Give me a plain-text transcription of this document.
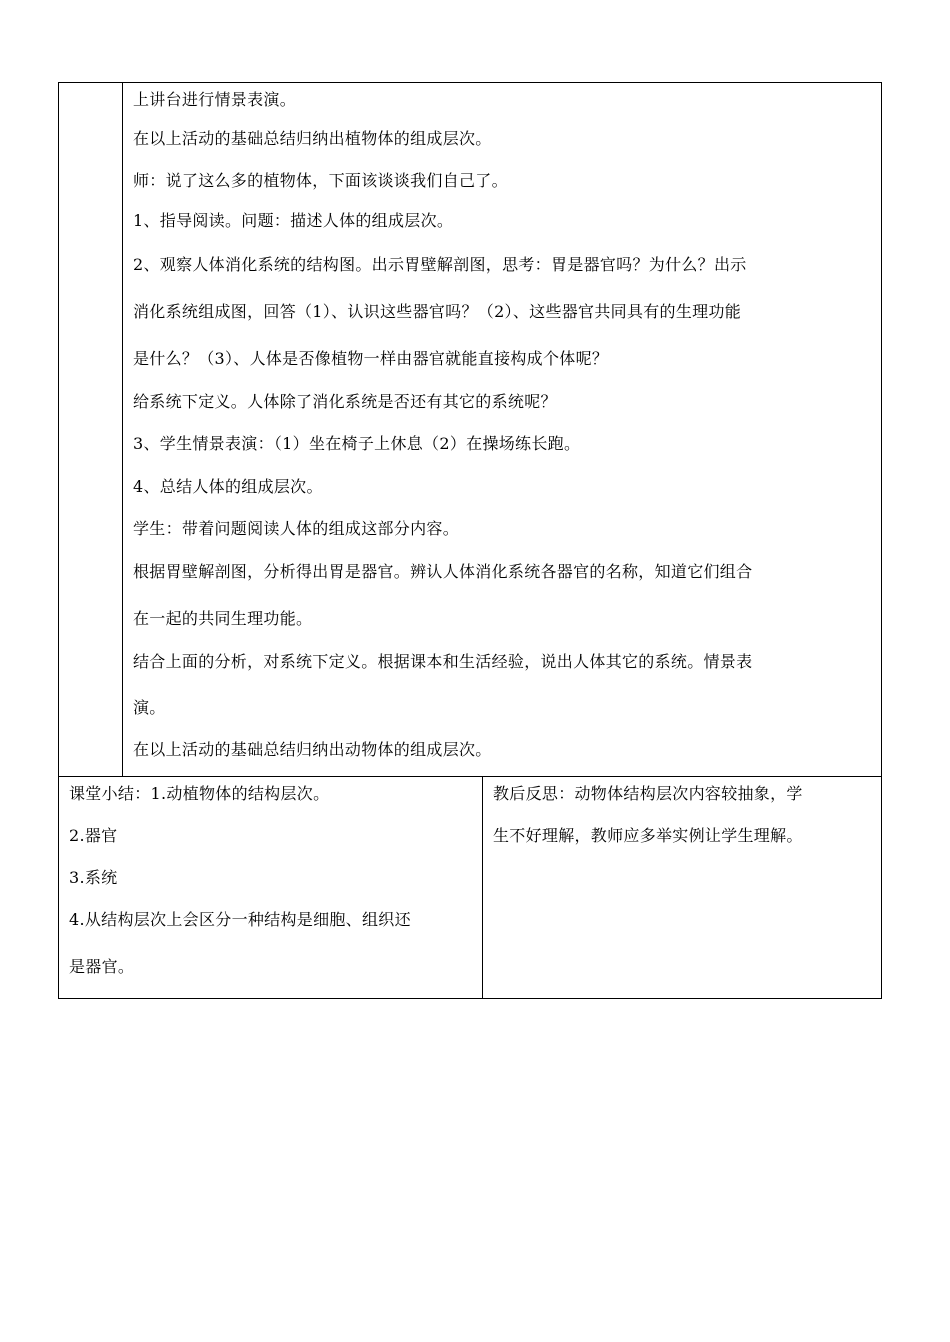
上讲台进行情景表演。
在以上活动的基础总结归纳出植物体的组成层次。
师：说了这么多的植物体，下面该谈谈我们自己了。
1、指导阅读。问题：描述人体的组成层次。
2、观察人体消化系统的结构图。出示胃壁解剖图，思考：胃是器官吗？为什么？出示
消化系统组成图，回答（1）、认识这些器官吗？（2）、这些器官共同具有的生理功能
是什么？（3）、人体是否像植物一样由器官就能直接构成个体呢？
给系统下定义。人体除了消化系统是否还有其它的系统呢？
3、学生情景表演：（1）坐在椅子上休息（2）在操场练长跑。
4、总结人体的组成层次。
学生：带着问题阅读人体的组成这部分内容。
根据胃壁解剖图，分析得出胃是器官。辨认人体消化系统各器官的名称，知道它们组合
在一起的共同生理功能。
结合上面的分析，对系统下定义。根据课本和生活经验，说出人体其它的系统。情景表
演。
在以上活动的基础总结归纳出动物体的组成层次。
课堂小结：1.动植物体的结构层次。
2.器官
3.系统
4.从结构层次上会区分一种结构是细胞、组织还
是器官。
教后反思：动物体结构层次内容较抽象，学
生不好理解，教师应多举实例让学生理解。
